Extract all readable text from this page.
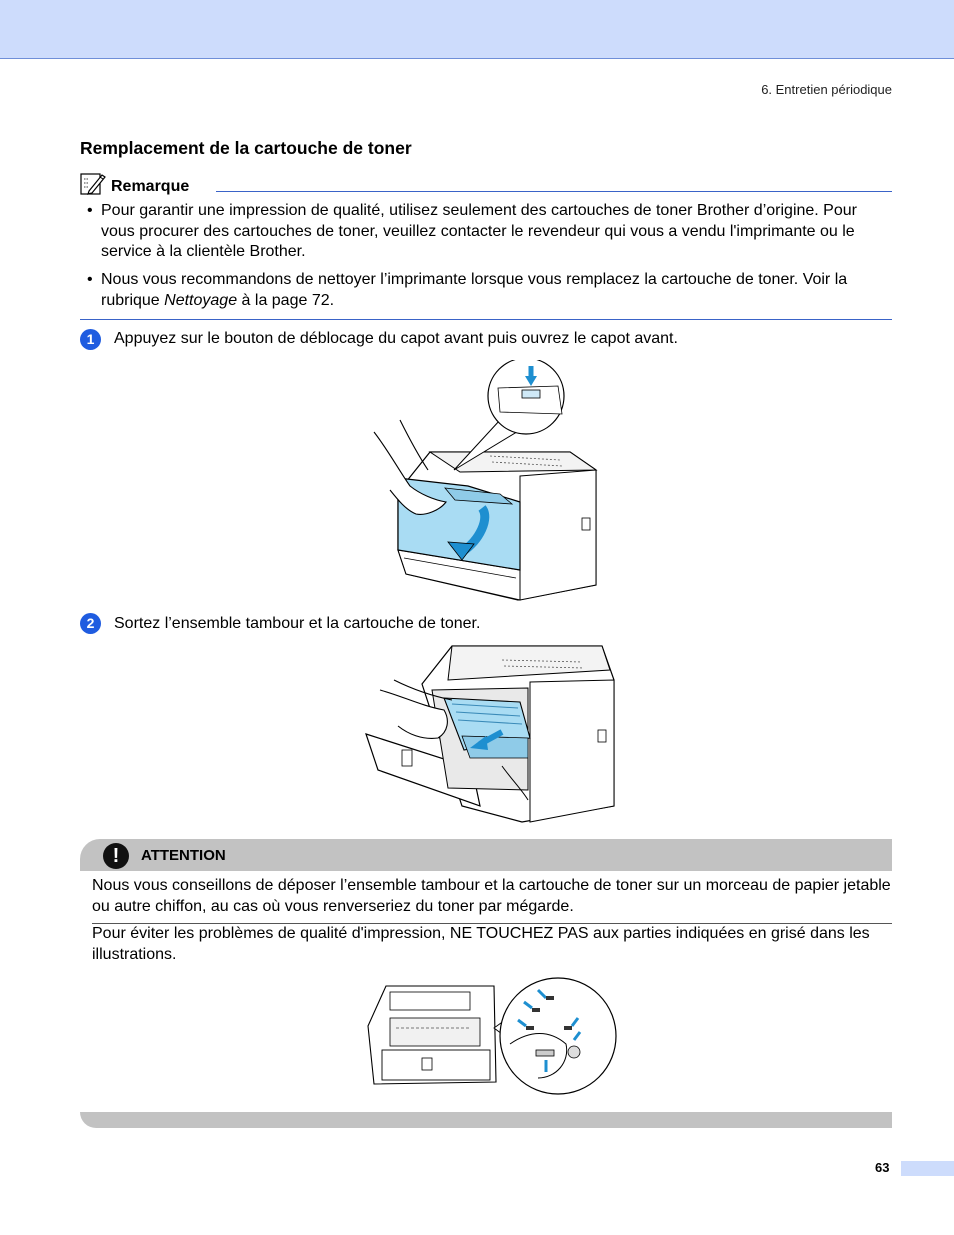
6. Entretien périodique
Remplacement de la cartouche de toner
Remarque
• Pour garantir une impression de qualité, utilisez seulement des cartouches de toner Brother d’origine. Pour vous procurer des cartouches de toner, veuillez contacter le revendeur qui vous a vendu l'imprimante ou le service à la clientèle Brother.
• Nous vous recommandons de nettoyer l’imprimante lorsque vous remplacez la cartouche de toner. Voir la rubrique Nettoyage à la page 72.
1	Appuyez sur le bouton de déblocage du capot avant puis ouvrez le capot avant.
2	Sortez l’ensemble tambour et la cartouche de toner.
!	ATTENTION
Nous vous conseillons de déposer l’ensemble tambour et la cartouche de toner sur un morceau de papier jetable ou autre chiffon, au cas où vous renverseriez du toner par mégarde.
Pour éviter les problèmes de qualité d'impression, NE TOUCHEZ PAS aux parties indiquées en grisé dans les illustrations.
63
